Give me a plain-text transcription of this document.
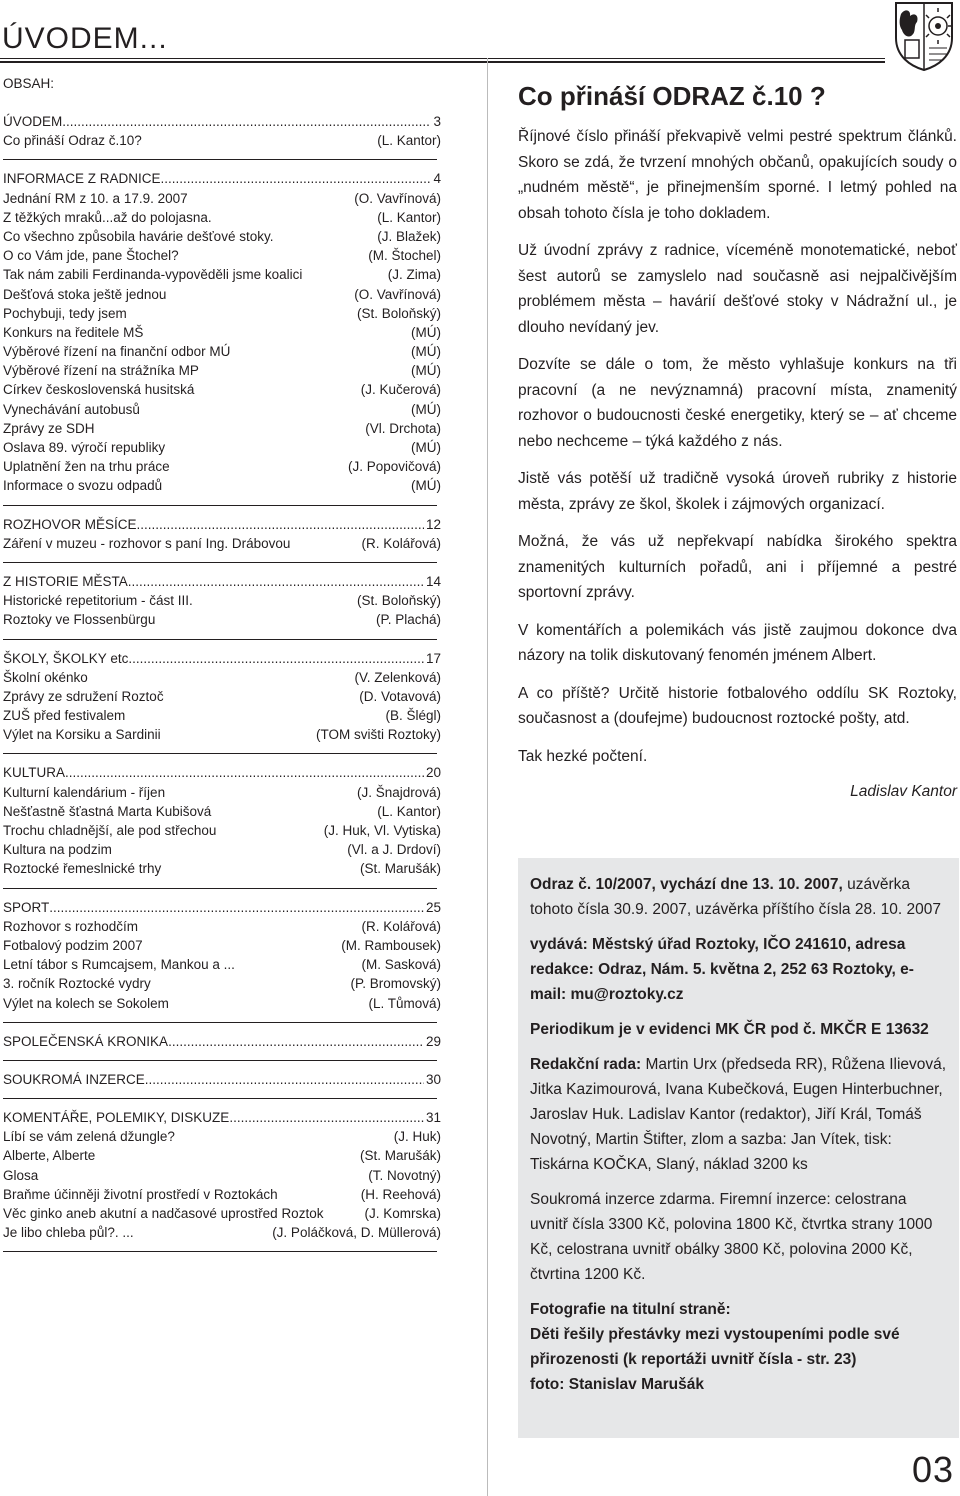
ÚVODEM...
OBSAH:
ÚVODEM .....	3
Co přináší Odraz č.10?	(L. Kantor)
INFORMACE Z RADNICE .....	4
Jednání RM z 10. a 17.9. 2007	(O. Vavřínová)
Z těžkých mraků...až do polojasna.	(L. Kantor)
Co všechno způsobila havárie dešťové stoky.	(J. Blažek)
O co Vám jde, pane Štochel?	(M. Štochel)
Tak nám zabili Ferdinanda-vypověděli jsme koalici	(J. Zima)
Dešťová stoka ještě jednou	(O. Vavřínová)
Pochybuji, tedy jsem	(St. Boloňský)
Konkurs na ředitele MŠ	(MÚ)
Výběrové řízení na finanční odbor MÚ	(MÚ)
Výběrové řízení na strážníka MP	(MÚ)
Církev československá husitská	(J. Kučerová)
Vynechávání autobusů	(MÚ)
Zprávy ze SDH	(Vl. Drchota)
Oslava 89. výročí republiky	(MÚ)
Uplatnění žen na trhu práce	(J. Popovičová)
Informace o svozu odpadů	(MÚ)
ROZHOVOR MĚSÍCE .....	12
Záření v muzeu - rozhovor s paní Ing. Drábovou	(R. Kolářová)
Z HISTORIE MĚSTA .....	14
Historické repetitorium - část III.	(St. Boloňský)
Roztoky ve Flossenbürgu	(P. Plachá)
ŠKOLY, ŠKOLKY etc... .....	17
Školní okénko	(V. Zelenková)
Zprávy ze sdružení Roztoč	(D. Votavová)
ZUŠ před festivalem	(B. Šlégl)
Výlet na Korsiku a Sardinii	(TOM svišti Roztoky)
KULTURA .....	20
Kulturní kalendárium - říjen	(J. Šnajdrová)
Nešťastně šťastná Marta Kubišová	(L. Kantor)
Trochu chladnější, ale pod střechou	(J. Huk, Vl. Vytiska)
Kultura na podzim	(Vl. a J. Drdoví)
Roztocké řemeslnické trhy	(St. Marušák)
SPORT .....	25
Rozhovor s rozhodčím	(R. Kolářová)
Fotbalový podzim 2007	(M. Rambousek)
Letní tábor s Rumcajsem, Mankou a ...	(M. Sasková)
3. ročník Roztocké vydry	(P. Bromovský)
Výlet na kolech se Sokolem	(L. Tůmová)
SPOLEČENSKÁ KRONIKA .....	29
SOUKROMÁ INZERCE .....	30
KOMENTÁŘE, POLEMIKY, DISKUZE .....	31
Líbí se vám zelená džungle?	(J. Huk)
Alberte, Alberte	(St. Marušák)
Glosa	(T. Novotný)
Braňme účinněji životní prostředí v Roztokách	(H. Reehová)
Věc ginko aneb akutní a nadčasové uprostřed Roztok	(J. Komrska)
Je libo chleba půl?. ...	(J. Poláčková, D. Müllerová)
Co přináší ODRAZ č.10 ?

Říjnové číslo přináší překvapivě velmi pestré spektrum článků. Skoro se zdá, že tvrzení mnohých občanů, opakujících soudy o „nudném městě“, je přinejmenším sporné. I letmý pohled na obsah tohoto čísla je toho dokladem.

Už úvodní zprávy z radnice, víceméně monotematické, neboť šest autorů se zamyslelo nad současně asi nejpalčivějším problémem města – havárií dešťové stoky v Nádražní ul., je dlouho nevídaný jev.

Dozvíte se dále o tom, že město vyhlašuje konkurs na tři pracovní (a ne nevýznamná) pracovní místa, znamenitý rozhovor o budoucnosti české energetiky, který se – ať chceme nebo nechceme – týká každého z nás.

Jistě vás potěší už tradičně vysoká úroveň rubriky z historie města, zprávy ze škol, školek i zájmových organizací.

Možná, že vás už nepřekvapí nabídka širokého spektra znamenitých kulturních pořadů, ani i příjemné a pestré sportovní zprávy.

V komentářích a polemikách vás jistě zaujmou dokonce dva názory na tolik diskutovaný fenomén jménem Albert.

A co příště? Určitě historie fotbalového oddílu SK Roztoky, současnost a (doufejme) budoucnost roztocké pošty, atd.

Tak hezké počtení.

Ladislav Kantor

Odraz č. 10/2007, vychází dne 13. 10. 2007, uzávěrka tohoto čísla 30.9. 2007, uzávěrka příštího čísla 28. 10. 2007

vydává: Městský úřad Roztoky, IČO 241610, adresa redakce: Odraz, Nám. 5. května 2, 252 63 Roztoky, e-mail: mu@roztoky.cz

Periodikum je v evidenci MK ČR pod č. MKČR E 13632

Redakční rada: Martin Urx (předseda RR), Růžena Ilievová, Jitka Kazimourová, Ivana Kubečková, Eugen Hinterbuchner, Jaroslav Huk. Ladislav Kantor (redaktor), Jiří Král, Tomáš Novotný, Martin Štifter, zlom a sazba: Jan Vítek, tisk: Tiskárna KOČKA, Slaný, náklad 3200 ks

Soukromá inzerce zdarma. Firemní inzerce: celostrana uvnitř čísla 3300 Kč, polovina 1800 Kč, čtvrtka strany 1000 Kč, celostrana uvnitř obálky 3800 Kč, polovina 2000 Kč, čtvrtina 1200 Kč.

Fotografie na titulní straně:

Děti řešily přestávky mezi vystoupeními podle své přirozenosti (k reportáži uvnitř čísla - str. 23)

foto: Stanislav Marušák

03
